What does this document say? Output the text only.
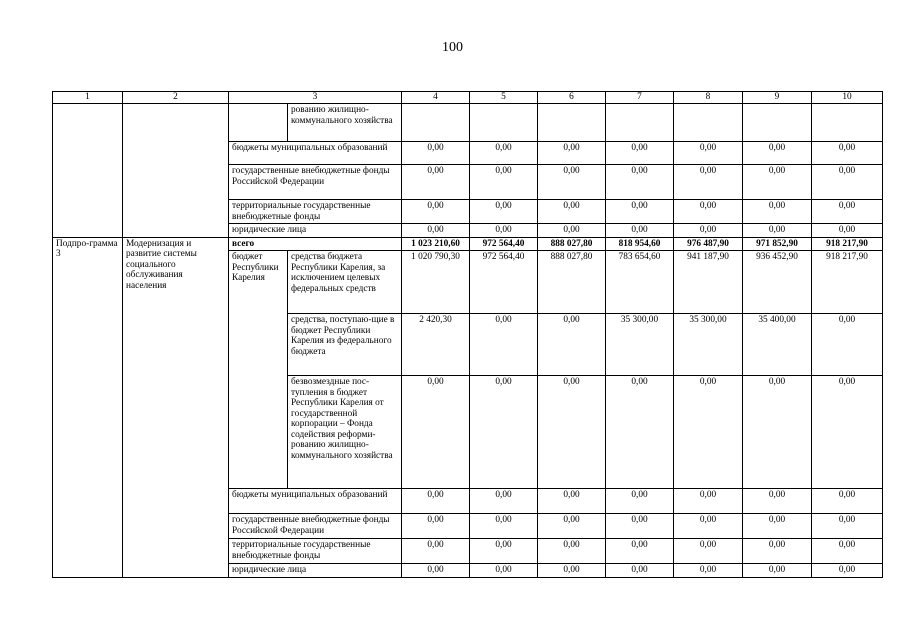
100
1	2	3		4	5	6	7	8	9	10
			рованию жилищно-коммунального хозяйства							
		бюджеты муниципальных образований		0,00	0,00	0,00	0,00	0,00	0,00	0,00
		государственные внебюджетные фонды Российской Федерации		0,00	0,00	0,00	0,00	0,00	0,00	0,00
		территориальные государственные внебюджетные фонды		0,00	0,00	0,00	0,00	0,00	0,00	0,00
		юридические лица		0,00	0,00	0,00	0,00	0,00	0,00	0,00
Подпро-грамма 3	Модернизация и развитие системы социального обслуживания населения	всего		1 023 210,60	972 564,40	888 027,80	818 954,60	976 487,90	971 852,90	918 217,90
		бюджет Республики Карелия	средства бюджета Республики Карелия, за исключением целевых федеральных средств	1 020 790,30	972 564,40	888 027,80	783 654,60	941 187,90	936 452,90	918 217,90
			средства, поступаю-щие в бюджет Республики Карелия из федерального бюджета	2 420,30	0,00	0,00	35 300,00	35 300,00	35 400,00	0,00
			безвозмездные пос-тупления в бюджет Республики Карелия от государственной корпорации – Фонда содействия реформи-рованию жилищно-коммунального хозяйства	0,00	0,00	0,00	0,00	0,00	0,00	0,00
		бюджеты муниципальных образований		0,00	0,00	0,00	0,00	0,00	0,00	0,00
		государственные внебюджетные фонды Российской Федерации		0,00	0,00	0,00	0,00	0,00	0,00	0,00
		территориальные государственные внебюджетные фонды		0,00	0,00	0,00	0,00	0,00	0,00	0,00
		юридические лица		0,00	0,00	0,00	0,00	0,00	0,00	0,00
